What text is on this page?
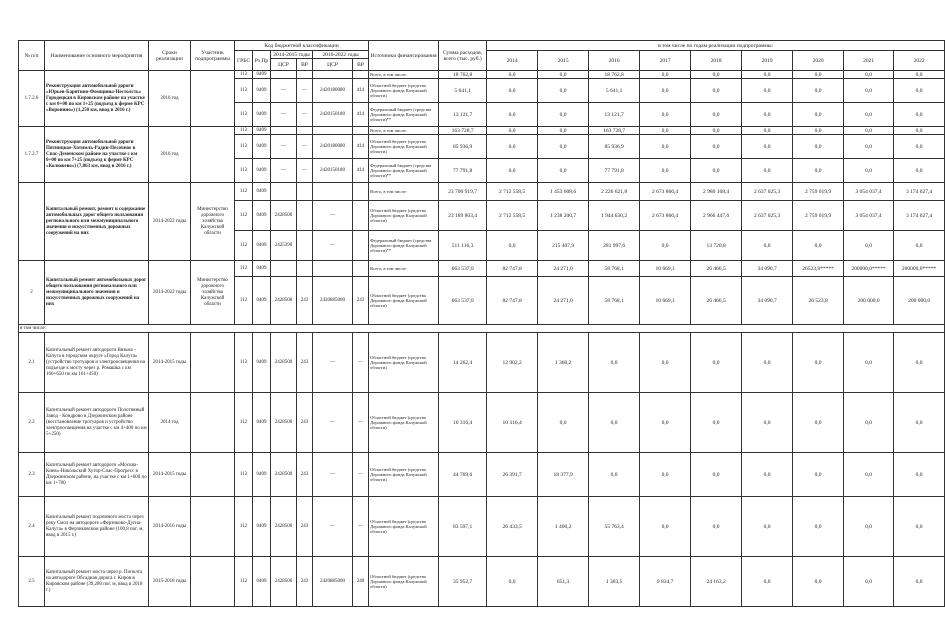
№ п/п	Наименование основного мероприятия	Сроки реализации	Участник подпрограммы	Код бюджетной классификации						Источники финансирования	Сумма расходов, всего (тыс. руб.)	в том числе по годам реализации подпрограммы:								
				ГРБС	Рз Пр	2014-2015 годы		2016-2022 годы				2014	2015	2016	2017	2018	2019	2020	2021	2022
						ЦСР	ВР	ЦСР	ВР											

1.7.2.6	Реконструкция автомобильной дороги «Юрьев-Барятино-Фомщины-Нестолсть» Городецкая в Кировском районе на участке с км 0+00 по км 1+25 (подъезд к ферме КРС «Воронино») (1,250 км, ввод в 2016 г.)	2016 год		112	0409					Всего, в том числе:	18 762,8	0,0	0,0	18 762,8	0,0	0,0	0,0	0,0	0,0	0,0
				112	0409	—	—	2420180080	414	Областной бюджет (средства Дорожного фонда Калужской области)	5 641,1	0,0	0,0	5 641,1	0,0	0,0	0,0	0,0	0,0	0,0
				112	0409	—	—	2420150180	414	Федеральный бюджет (средства Дорожного фонда Калужской области)**	13 121,7	0,0	0,0	13 121,7	0,0	0,0	0,0	0,0	0,0	0,0
1.7.2.7	Реконструкция автомобильной дороги Пятницкое-Хотимль-Радин-Песочное в Спас-Деменском районе на участке с км 0+00 по км 7+25 (подъезд к ферме КРС «Колюжево») (7,063 км, ввод в 2016 г.)	2016 год		112	0409					Всего, в том числе:	163 728,7	0,0	0,0	163 728,7	0,0	0,0	0,0	0,0	0,0	0,0
				112	0409	—	—	2420180080	414	Областной бюджет (средства Дорожного фонда Калужской области)	85 936,9	0,0	0,0	85 936,9	0,0	0,0	0,0	0,0	0,0	0,0
				112	0409	—	—	2420150180	414	Федеральный бюджет (средства Дорожного фонда Калужской области)**	77 791,8	0,0	0,0	77 791,8	0,0	0,0	0,0	0,0	0,0	0,0
	Капитальный ремонт, ремонт и содержание автомобильных дорог общего пользования регионального или межмуниципального значения и искусственных дорожных сооружений на них	2014-2022 годы	Министерство дорожного хозяйства Калужской области	112	0409					Всего, в том числе:	23 700 919,7	2 712 558,5	1 453 608,6	2 226 621,8	2 673 866,4	2 980 168,4	2 637 025,3	2 759 019,9	3 054 037,4	3 174 027,4
				112	0409	2428500		—		Областной бюджет (средства Дорожного фонда Калужской области)	23 189 803,4	2 712 558,5	1 238 200,7	1 944 630,2	2 673 866,4	2 966 447,6	2 637 025,3	2 759 019,9	3 054 037,4	3 174 027,4
				112	0409	2425390		—		Федеральный бюджет (средства Дорожного фонда Калужской области)**	511 116,3	0,0	215 407,9	281 997,6	0,0	13 720,8	0,0	0,0	0,0	0,0
2	Капитальный ремонт автомобильных дорог общего пользования регионального или межмуниципального значения и искусственных дорожных сооружений на них	2014-2022 годы	Министерство дорожного хозяйства Калужской области	112	0409					Всего, в том числе:	663 537,0	82 747,8	24 271,0	58 768,1	10 669,1	26 466,5	34 090,7	26523,8*****	200000,0*****	200000,0*****
				112	0409	2428500	243	2420885000	243	Областной бюджет (средства Дорожного фонда Калужской области)	663 537,0	82 747,8	24 271,0	58 768,1	10 669,1	26 466,5	34 090,7	26 523,8	200 000,0	200 000,0
в том числе:																				
2.1	Капитальный ремонт автодороги Вязьма - Калуга в городском округе «Город Калуга» (устройство тротуаров и электроосвещения на подъезде к мосту через р. Ромашка с км 160+650 по км 161+450)	2014-2015 годы		112	0409	2428500	243	—	—	Областной бюджет (средства Дорожного фонда Калужской области)	14 262,4	12 902,2	1 360,2	0,0	0,0	0,0	0,0	0,0	0,0	0,0
2.2	Капитальный ремонт автодороги Полотняный Завод - Кондрово в Дзержинском районе (восстановление тротуаров и устройство электроосвещения на участке с км 4+400 по км 5+250)	2014 год		112	0409	2428500	243	—	—	Областной бюджет (средства Дорожного фонда Калужской области)	10 316,4	10 316,4	0,0	0,0	0,0	0,0	0,0	0,0	0,0	0,0
2.3	Капитальный ремонт автодороги «Москва-Киев»-Никольский Хутор-Спас-Прогресс в Дзержинском районе, на участке с км 1+600 по км 1+700	2014-2015 годы		112	0409	2428500	243	—	—	Областной бюджет (средства Дорожного фонда Калужской области)	44 769,6	26 391,7	18 377,9	0,0	0,0	0,0	0,0	0,0	0,0	0,0
2.4	Капитальный ремонт подземного моста через реку Смол на автодороге «Ферзиково-Дугна-Калуга» в Ферзиковском районе (100,8 пог. м, ввод в 2015 г.)	2014-2016 годы		112	0409	2428500	243	—	—	Областной бюджет (средства Дорожного фонда Калужской области)	83 597,1	26 433,5	1 400,2	55 763,4	0,0	0,0	0,0	0,0	0,0	0,0
2.5	Капитальный ремонт моста через р. Пополта на автодороге Обсадная дорога г. Киров в Кировском районе (39,280 пог. м, ввод в 2018 г.)	2015-2018 годы		112	0409	2428500	243	2420885000	240	Областной бюджет (средства Дорожного фонда Калужской области)	35 952,7	0,0	651,3	1 303,5	9 834,7	24 163,2	0,0	0,0	0,0	0,0
